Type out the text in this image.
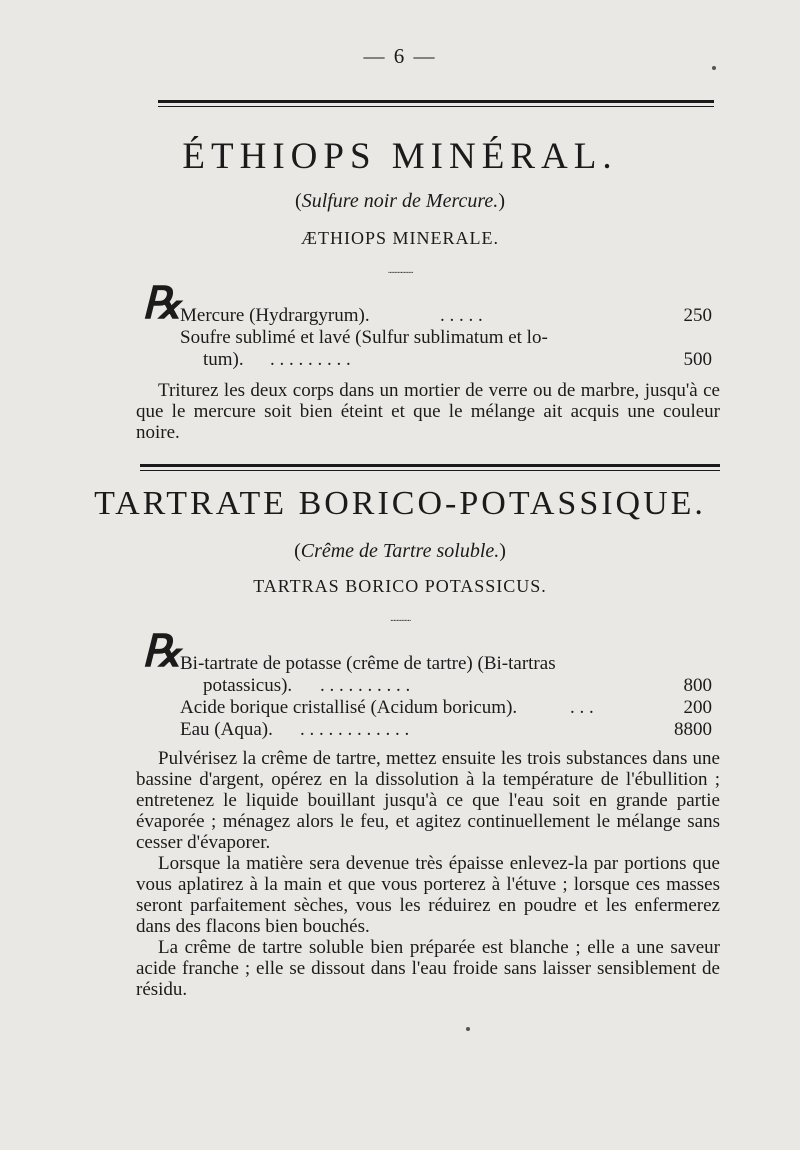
— 6 —
ÉTHIOPS MINÉRAL.
(Sulfure noir de Mercure.)
ÆTHIOPS MINERALE.
ᐧᐧᐧᐧᐧᐧᐧᐧᐧᐧᐧᐧᐧᐧᐧᐧ
℞
Mercure (Hydrargyrum).	. . . . .	250
Soufre sublimé et lavé (Sulfur sublimatum et lo-
tum). . . . . . . . . .	500

Triturez les deux corps dans un mortier de verre ou de marbre, jusqu'à ce que le mercure soit bien éteint et que le mélange ait acquis une couleur noire.

TARTRATE BORICO-POTASSIQUE.
(Crême de Tartre soluble.)
TARTRAS BORICO POTASSICUS.
ᐧᐧᐧᐧᐧᐧᐧᐧᐧᐧᐧᐧᐧ
℞
Bi-tartrate de potasse (crême de tartre) (Bi-tartras
potassicus). . . . . . . . . . .	800
Acide borique cristallisé (Acidum boricum).	. . .	200
Eau (Aqua). . . . . . . . . . . . .	8800

Pulvérisez la crême de tartre, mettez ensuite les trois substances dans une bassine d'argent, opérez en la dissolution à la température de l'ébullition ; entretenez le liquide bouillant jusqu'à ce que l'eau soit en grande partie évaporée ; ménagez alors le feu, et agitez continuellement le mélange sans cesser d'évaporer.

Lorsque la matière sera devenue très épaisse enlevez-la par portions que vous aplatirez à la main et que vous porterez à l'étuve ; lorsque ces masses seront parfaitement sèches, vous les réduirez en poudre et les enfermerez dans des flacons bien bouchés.

La crême de tartre soluble bien préparée est blanche ; elle a une saveur acide franche ; elle se dissout dans l'eau froide sans laisser sensiblement de résidu.
